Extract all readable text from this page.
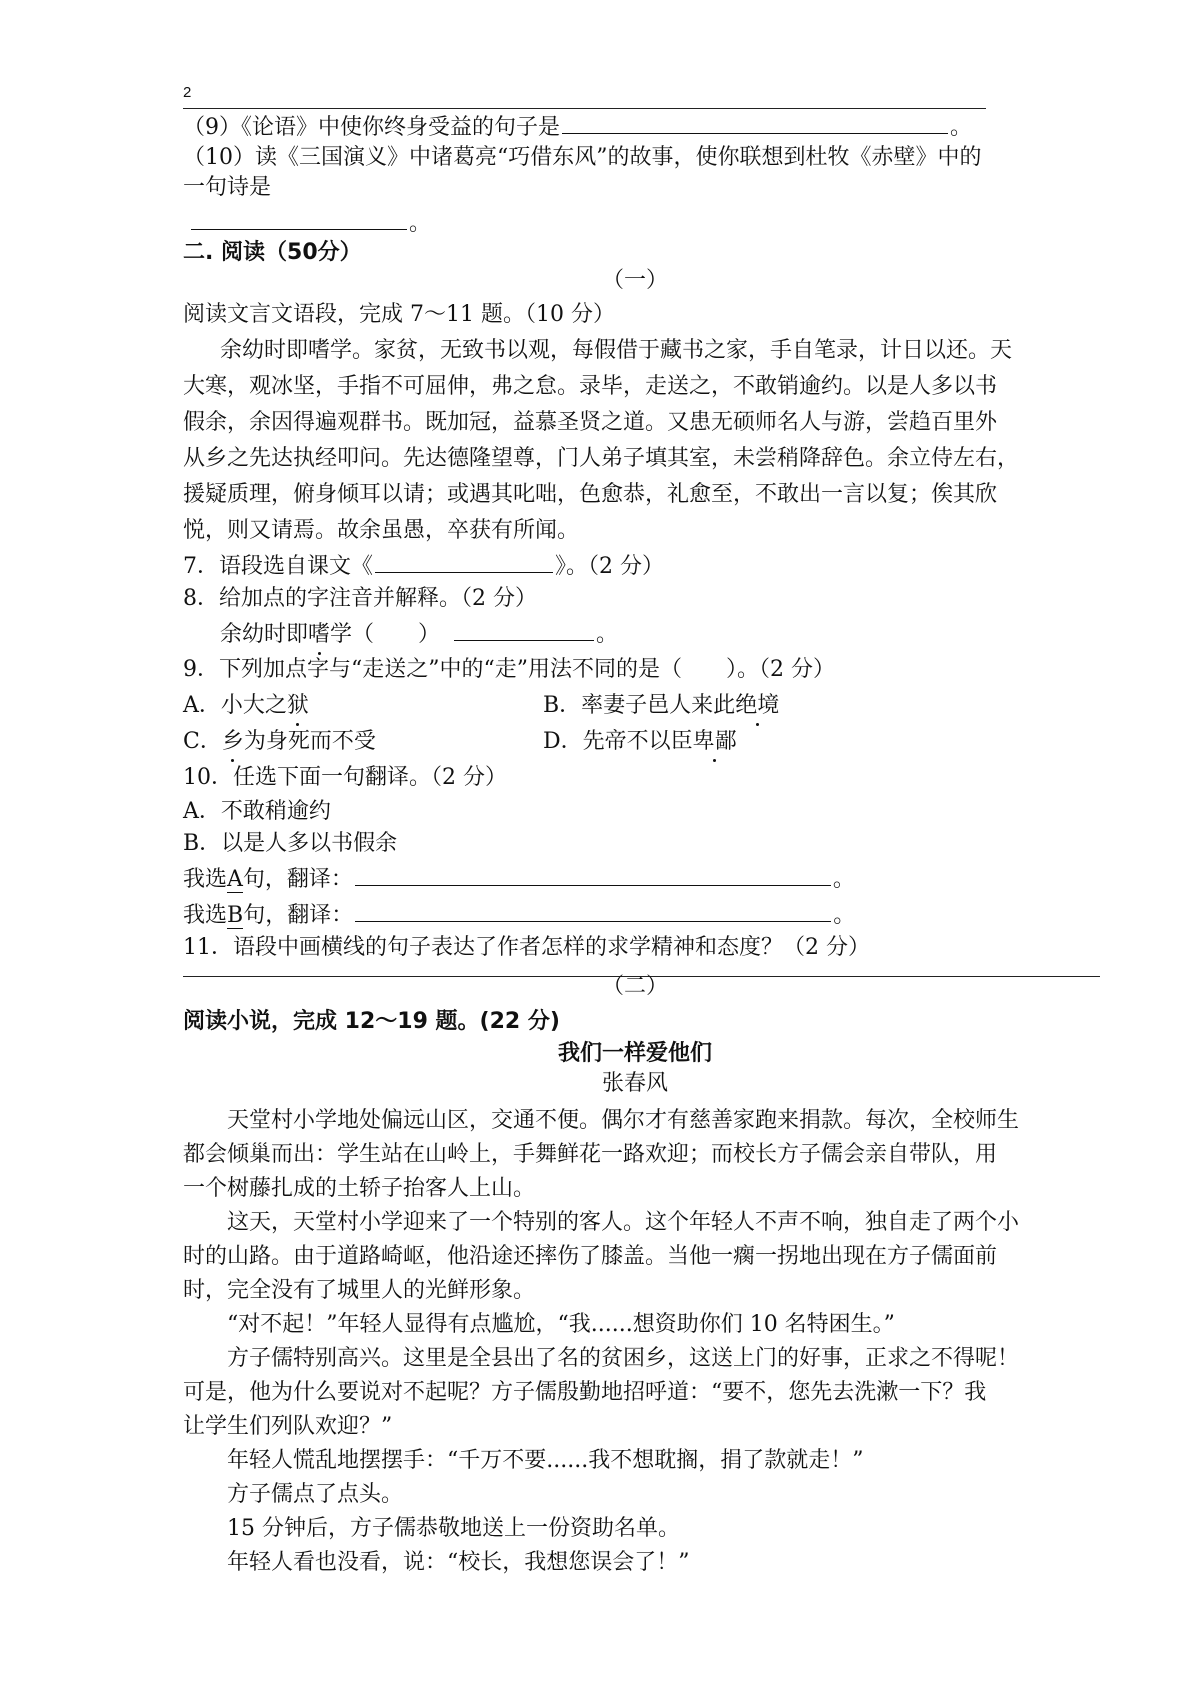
2
（9）《论语》中使你终身受益的句子是	。
（10）读《三国演义》中诸葛亮“巧借东风”的故事，使你联想到杜牧《赤壁》中的
一句诗是
。
二. 阅读（50分）
（一）
阅读文言文语段，完成 7～11 题。（10 分）
余幼时即嗜学。家贫，无致书以观，每假借于藏书之家，手自笔录，计日以还。天
大寒，观冰坚，手指不可屈伸，弗之怠。录毕，走送之，不敢销逾约。以是人多以书
假余，余因得遍观群书。既加冠，益慕圣贤之道。又患无硕师名人与游，尝趋百里外
从乡之先达执经叩问。先达德隆望尊，门人弟子填其室，未尝稍降辞色。余立侍左右，
援疑质理，俯身倾耳以请；或遇其叱咄，色愈恭，礼愈至，不敢出一言以复；俟其欣
悦，则又请焉。故余虽愚，卒获有所闻。
7．语段选自课文《	》。（2 分）
8．给加点的字注音并解释。（2 分）
余幼时即嗜学（　　）	。
9．下列加点字与“走送之”中的“走”用法不同的是（　　）。（2 分）
A．小大之狱	B．率妻子邑人来此绝境
C．乡为身死而不受	D．先帝不以臣卑鄙
10．任选下面一句翻译。（2 分）
A．不敢稍逾约
B．以是人多以书假余
我选A句，翻译：	。
我选B句，翻译：	。
11．语段中画横线的句子表达了作者怎样的求学精神和态度？（2 分）
（二）
阅读小说，完成 12～19 题。(22 分)
我们一样爱他们
张春风
　　天堂村小学地处偏远山区，交通不便。偶尔才有慈善家跑来捐款。每次，全校师生
都会倾巢而出：学生站在山岭上，手舞鲜花一路欢迎；而校长方子儒会亲自带队，用
一个树藤扎成的土轿子抬客人上山。
　　这天，天堂村小学迎来了一个特别的客人。这个年轻人不声不响，独自走了两个小
时的山路。由于道路崎岖，他沿途还摔伤了膝盖。当他一瘸一拐地出现在方子儒面前
时，完全没有了城里人的光鲜形象。
　　“对不起！”年轻人显得有点尴尬，“我......想资助你们 10 名特困生。”
　　方子儒特别高兴。这里是全县出了名的贫困乡，这送上门的好事，正求之不得呢！
可是，他为什么要说对不起呢？方子儒殷勤地招呼道：“要不，您先去洗漱一下？我
让学生们列队欢迎？”
　　年轻人慌乱地摆摆手：“千万不要......我不想耽搁，捐了款就走！”
　　方子儒点了点头。
　　15 分钟后，方子儒恭敬地送上一份资助名单。
　　年轻人看也没看，说：“校长，我想您误会了！”
